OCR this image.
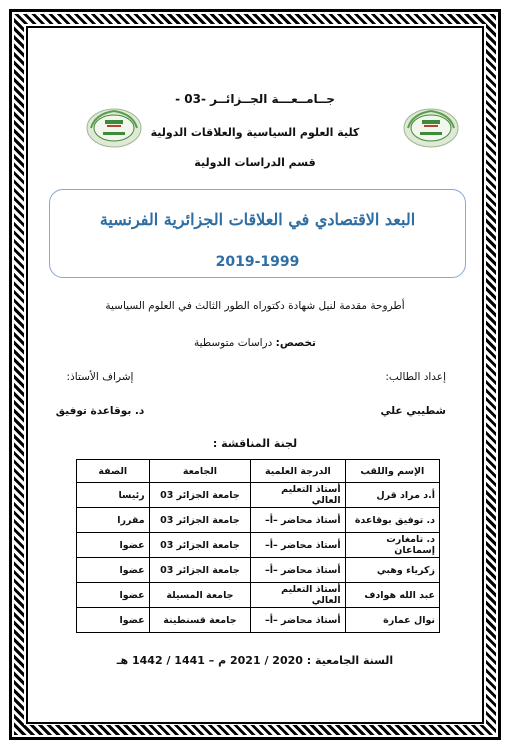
جــامــعـــة الجــزائــر -03 -
كلية العلوم السياسية والعلاقات الدولية
قسم الدراسات الدولية
البعد الاقتصادي في العلاقات الجزائرية الفرنسية
2019-1999
أطروحة مقدمة لنيل شهادة دكتوراه الطور الثالث في العلوم السياسية
تخصص: دراسات متوسطية
إعداد الطالب:
إشراف الأستاذ:
شطيبي علي
د. بوقاعدة توفيق
لجنة المناقشة :
الإسم واللقب	الدرجة العلمية	الجامعة	الصفة
أ.د مراد قرل	أستاذ التعليم العالي	جامعة الجزائر 03	رئيسا
د. توفيق بوقاعدة	أستاذ محاضر –أ–	جامعة الجزائر 03	مقررا
د. تامغارت إسماعان	أستاذ محاضر –أ–	جامعة الجزائر 03	عضوا
زكرياء وهبي	أستاذ محاضر –أ–	جامعة الجزائر 03	عضوا
عبد الله هوادف	أستاذ التعليم العالي	جامعة المسيلة	عضوا
نوال عمارة	أستاذ محاضر –أ–	جامعة قسنطينة	عضوا
السنة الجامعية : 2020 / 2021 م – 1441 / 1442 هـ
